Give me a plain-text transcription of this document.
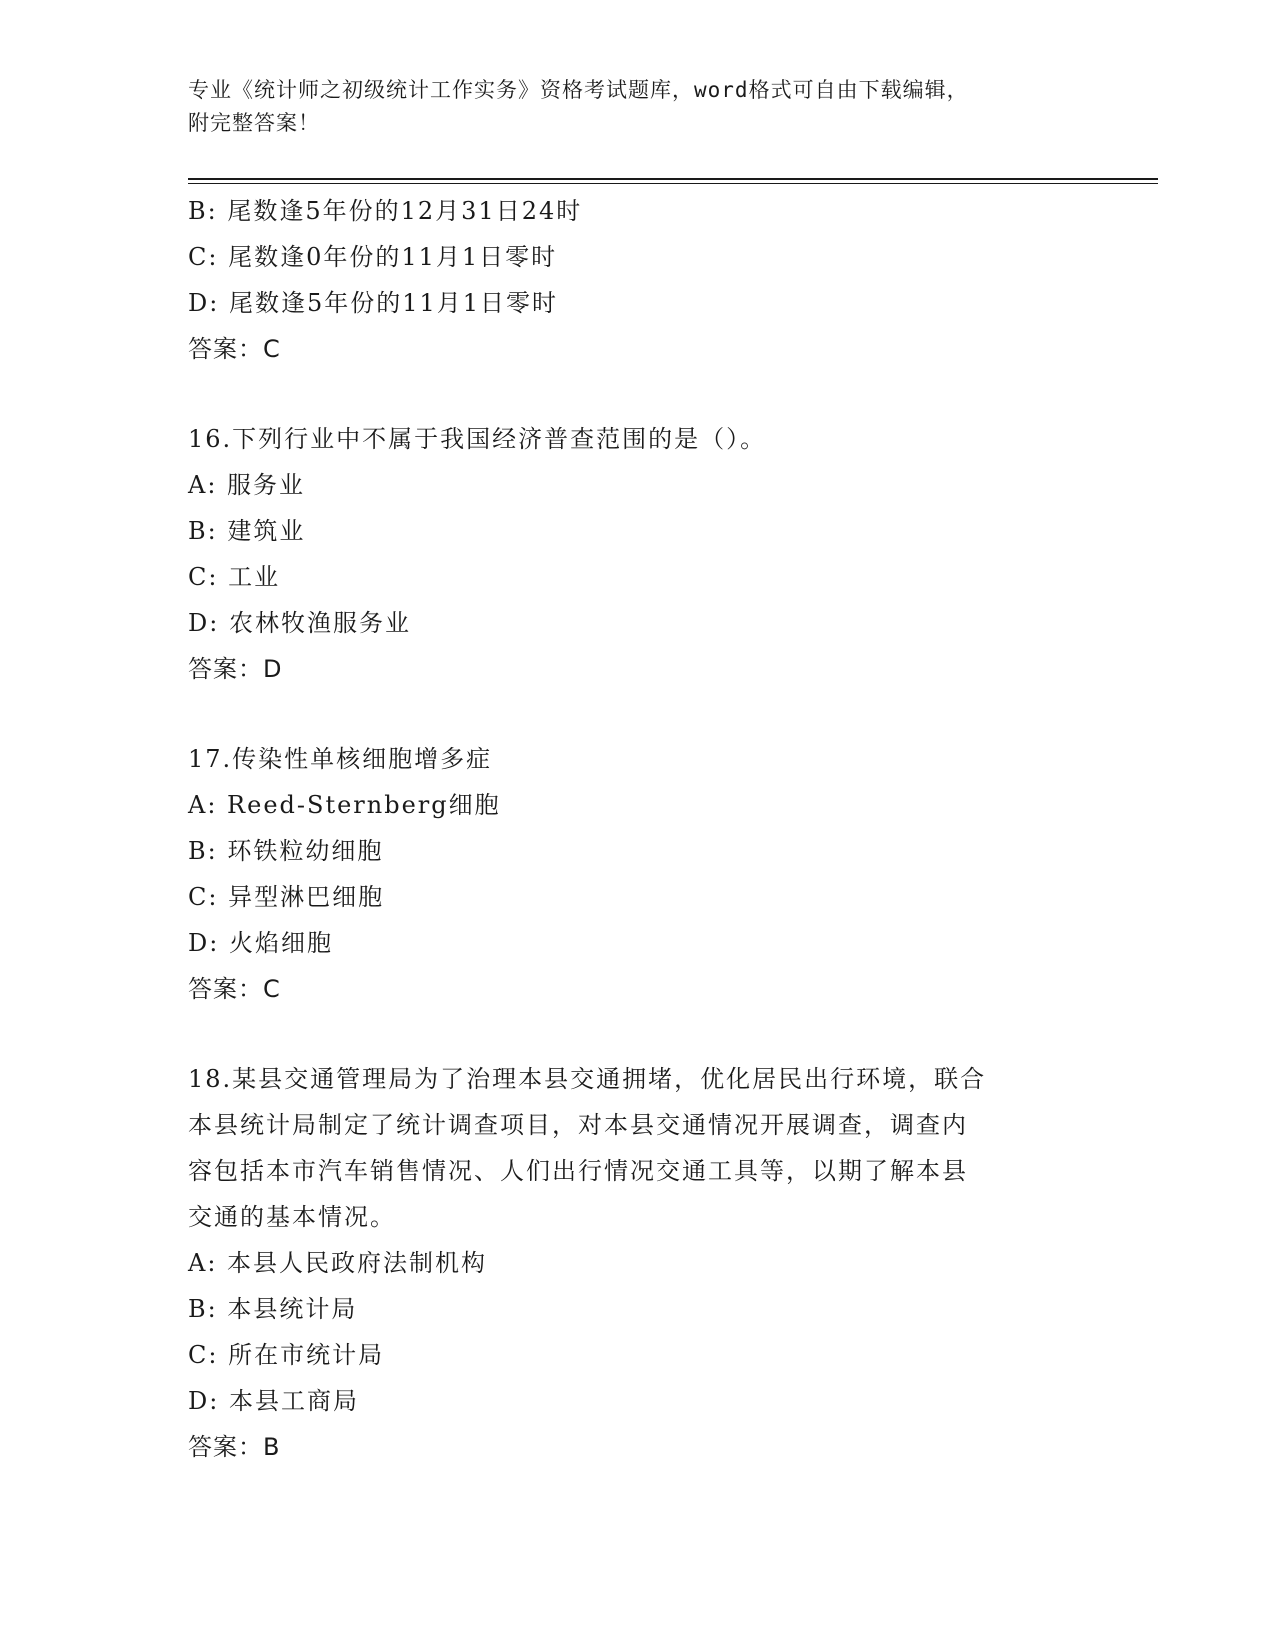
专业《统计师之初级统计工作实务》资格考试题库，word格式可自由下载编辑，
附完整答案！
B: 尾数逢5年份的12月31日24时
C: 尾数逢0年份的11月1日零时
D: 尾数逢5年份的11月1日零时
答案：C
16.下列行业中不属于我国经济普查范围的是（）。
A: 服务业
B: 建筑业
C: 工业
D: 农林牧渔服务业
答案：D
17.传染性单核细胞增多症
A: Reed-Sternberg细胞
B: 环铁粒幼细胞
C: 异型淋巴细胞
D: 火焰细胞
答案：C
18.某县交通管理局为了治理本县交通拥堵，优化居民出行环境，联合
本县统计局制定了统计调查项目，对本县交通情况开展调查，调查内
容包括本市汽车销售情况、人们出行情况交通工具等，以期了解本县
交通的基本情况。
A: 本县人民政府法制机构
B: 本县统计局
C: 所在市统计局
D: 本县工商局
答案：B
